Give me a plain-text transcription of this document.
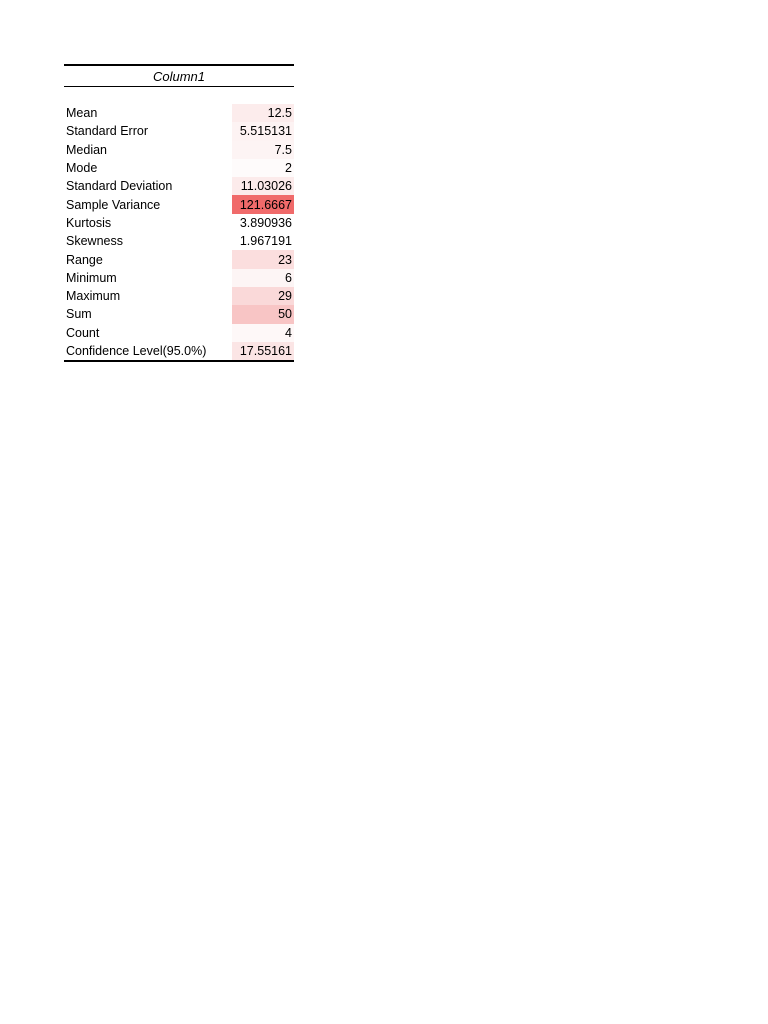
Column1
Mean	12.5
Standard Error	5.515131
Median	7.5
Mode	2
Standard Deviation	11.03026
Sample Variance	121.6667
Kurtosis	3.890936
Skewness	1.967191
Range	23
Minimum	6
Maximum	29
Sum	50
Count	4
Confidence Level(95.0%)	17.55161
